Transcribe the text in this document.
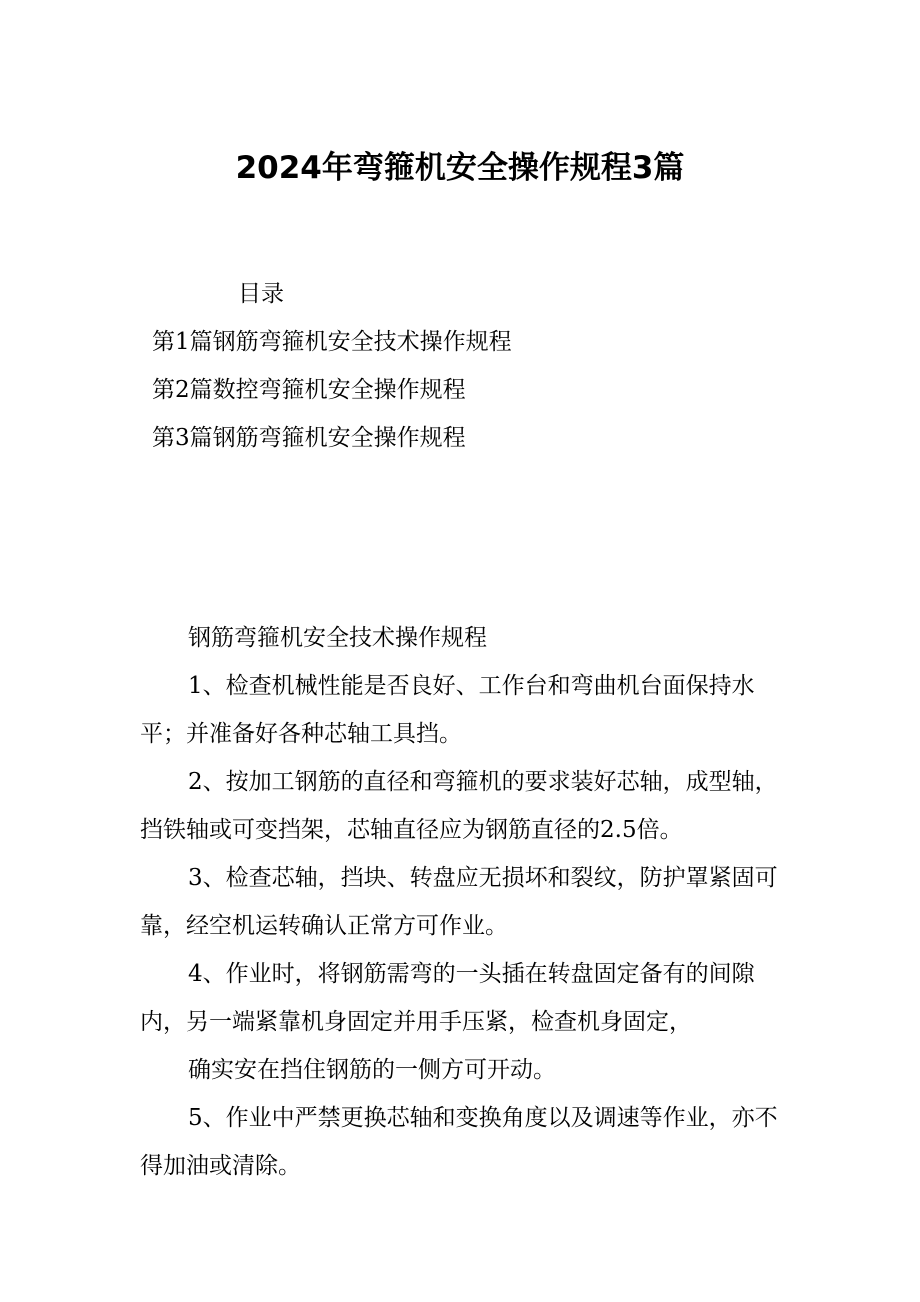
2024年弯箍机安全操作规程3篇
目录
第1篇钢筋弯箍机安全技术操作规程
第2篇数控弯箍机安全操作规程
第3篇钢筋弯箍机安全操作规程

钢筋弯箍机安全技术操作规程

1、检查机械性能是否良好、工作台和弯曲机台面保持水平；并准备好各种芯轴工具挡。

2、按加工钢筋的直径和弯箍机的要求装好芯轴，成型轴，挡铁轴或可变挡架，芯轴直径应为钢筋直径的2.5倍。

3、检查芯轴，挡块、转盘应无损坏和裂纹，防护罩紧固可靠，经空机运转确认正常方可作业。

4、作业时，将钢筋需弯的一头插在转盘固定备有的间隙内，另一端紧靠机身固定并用手压紧，检查机身固定，

确实安在挡住钢筋的一侧方可开动。

5、作业中严禁更换芯轴和变换角度以及调速等作业，亦不得加油或清除。
